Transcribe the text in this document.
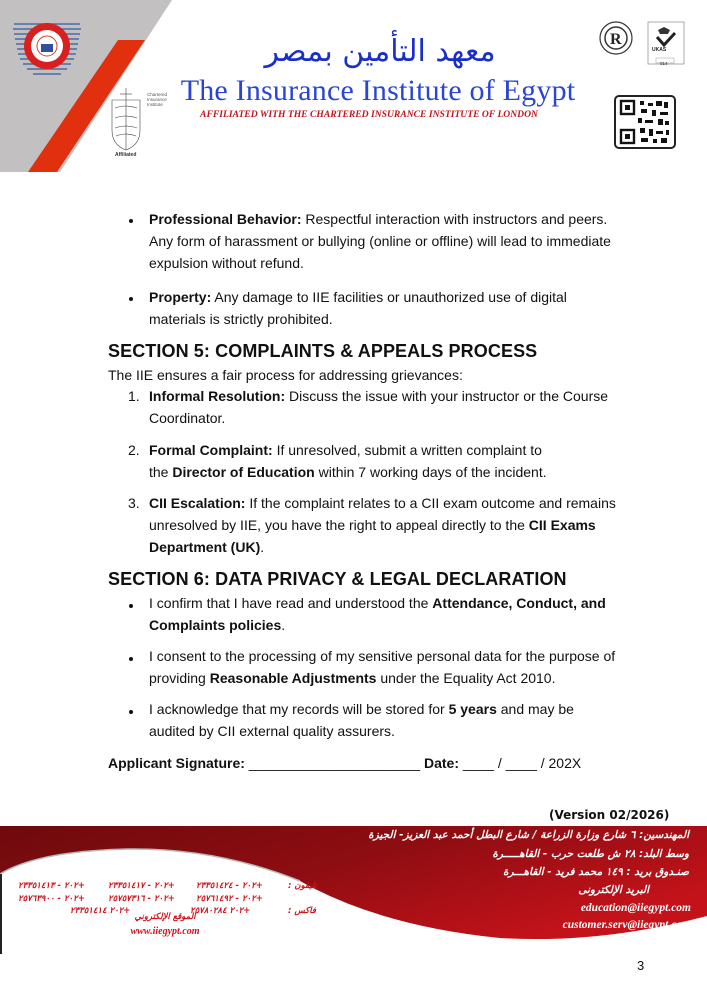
R
معهد التأمين بمصر
The Insurance Institute of Egypt
AFFILIATED WITH THE CHARTERED INSURANCE INSTITUTE OF LONDON
Chartered
Insurance
Institute
Affiliated
UKAS
014
Professional Behavior: Respectful interaction with instructors and peers.
Any form of harassment or bullying (online or offline) will lead to immediate
expulsion without refund.
Property: Any damage to IIE facilities or unauthorized use of digital
materials is strictly prohibited.
SECTION 5: COMPLAINTS & APPEALS PROCESS
The IIE ensures a fair process for addressing grievances:
1. Informal Resolution: Discuss the issue with your instructor or the Course
Coordinator.
2. Formal Complaint: If unresolved, submit a written complaint to
the Director of Education within 7 working days of the incident.
3. CII Escalation: If the complaint relates to a CII exam outcome and remains
unresolved by IIE, you have the right to appeal directly to the CII Exams
Department (UK).
SECTION 6: DATA PRIVACY & LEGAL DECLARATION
I confirm that I have read and understood the Attendance, Conduct, and
Complaints policies.
I consent to the processing of my sensitive personal data for the purpose of
providing Reasonable Adjustments under the Equality Act 2010.
I acknowledge that my records will be stored for 5 years and may be
audited by CII external quality assurers.
Applicant Signature: ______________________ Date: ____ / ____ / 202X
(Version 02/2026)
المهندسين: ٦ شارع وزارة الزراعة / شارع البطل أحمد عبد العزيز- الجيزة
وسط البلد: ٢٨ ش طلعت حرب - القاهـــــرة
صنـدوق بريد : ١٤٩ محمد فريد - القاهـــرة
البريد الإلكترونى
education@iiegypt.com
customer.serv@iiegypt.com
تليفون :
+٢٠٢ - ٢٣٣٥١٤٢٤
+٢٠٢ - ٢٣٣٥١٤١٧
+٢٠٢ - ٢٣٣٥١٤١٣
+٢٠٢ - ٢٥٧٦١٤٩٢
+٢٠٢ - ٢٥٧٥٧٣١٦
+٢٠٢ - ٢٥٧٦٣٩٠٠
فاكس :
+٢٠٢ ٢٥٧٨٠٢٨٤
+٢٠٢ ٢٣٣٥١٤١٤
الموقع الإلكتروني
www.iiegypt.com
3
